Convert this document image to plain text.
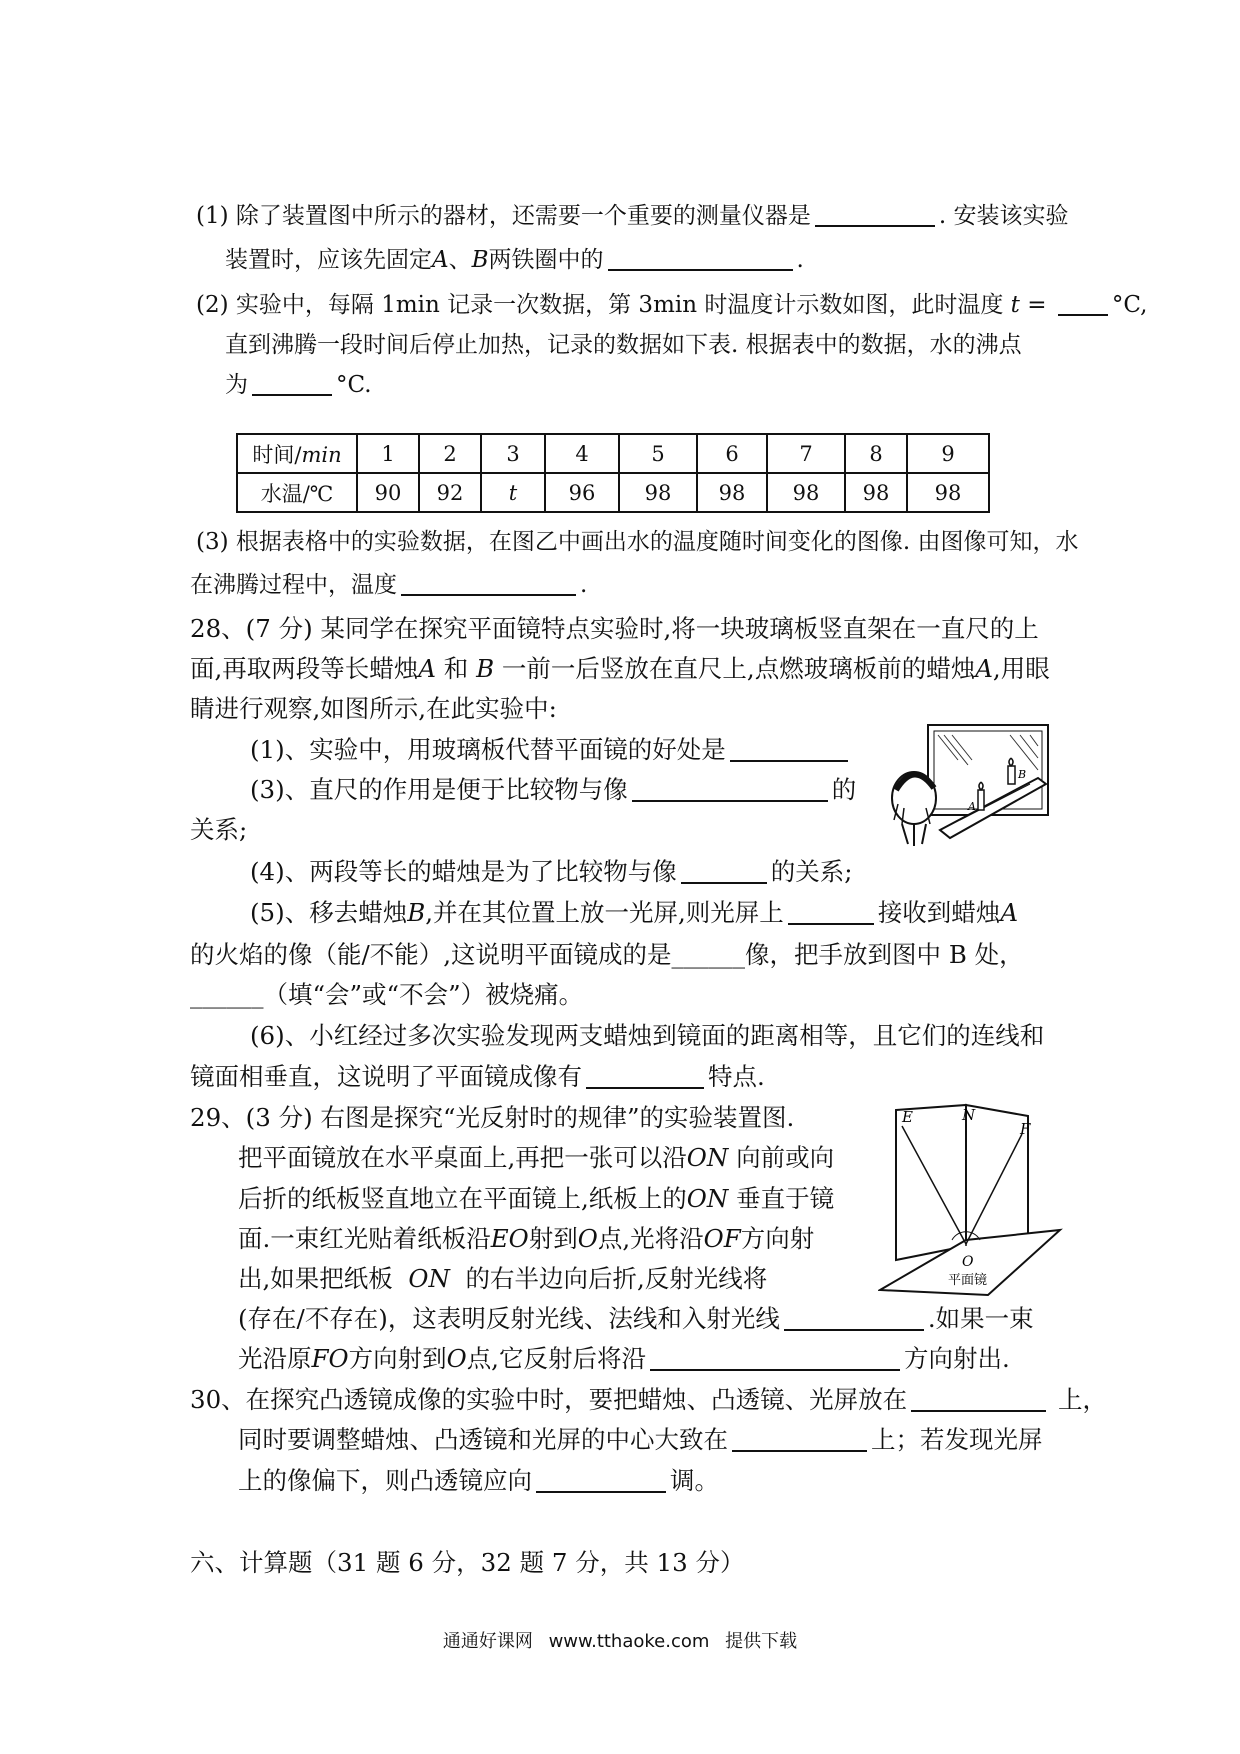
(1) 除了装置图中所示的器材，还需要一个重要的测量仪器是	. 安装该实验
装置时，应该先固定A、B两铁圈中的	.
(2) 实验中，每隔 1min 记录一次数据，第 3min 时温度计示数如图，此时温度 t =	°C,
直到沸腾一段时间后停止加热，记录的数据如下表. 根据表中的数据，水的沸点
为	°C.
时间/min	1	2	3	4	5	6	7	8	9
水温/℃	90	92	t	96	98	98	98	98	98
(3) 根据表格中的实验数据，在图乙中画出水的温度随时间变化的图像. 由图像可知，水
在沸腾过程中，温度	.
28、(7 分) 某同学在探究平面镜特点实验时,将一块玻璃板竖直架在一直尺的上
面,再取两段等长蜡烛A 和 B 一前一后竖放在直尺上,点燃玻璃板前的蜡烛A,用眼
睛进行观察,如图所示,在此实验中:
(1)、实验中，用玻璃板代替平面镜的好处是
(3)、直尺的作用是便于比较物与像	的
关系;
(4)、两段等长的蜡烛是为了比较物与像	的关系;
(5)、移去蜡烛B,并在其位置上放一光屏,则光屏上	接收到蜡烛A
的火焰的像（能/不能）,这说明平面镜成的是______像，把手放到图中 B 处，
______（填“会”或“不会”）被烧痛。
(6)、小红经过多次实验发现两支蜡烛到镜面的距离相等，且它们的连线和
镜面相垂直，这说明了平面镜成像有	特点.
B
A
29、(3 分) 右图是探究“光反射时的规律”的实验装置图.
把平面镜放在水平桌面上,再把一张可以沿ON 向前或向
后折的纸板竖直地立在平面镜上,纸板上的ON 垂直于镜
面.一束红光贴着纸板沿EO射到O点,光将沿OF方向射
出,如果把纸板 ON 的右半边向后折,反射光线将
(存在/不存在)，这表明反射光线、法线和入射光线	.如果一束
光沿原FO方向射到O点,它反射后将沿	方向射出.
E	N
F
O
平面镜
30、在探究凸透镜成像的实验中时，要把蜡烛、凸透镜、光屏放在	上，
同时要调整蜡烛、凸透镜和光屏的中心大致在	上；若发现光屏
上的像偏下，则凸透镜应向	调。
六、计算题（31 题 6 分，32 题 7 分，共 13 分）
通通好课网 www.tthaoke.com 提供下载
